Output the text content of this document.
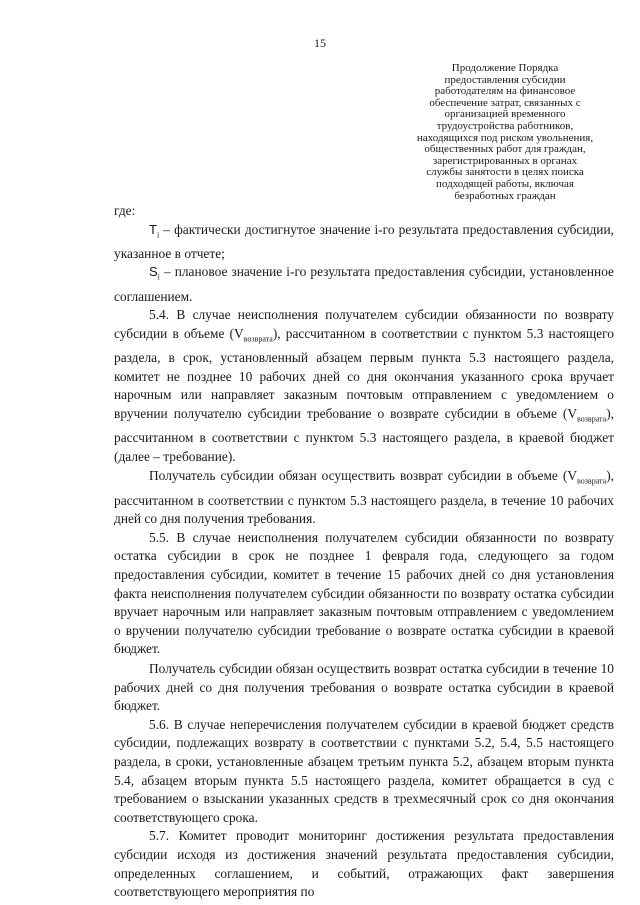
15
Продолжение Порядка
предоставления субсидии
работодателям на финансовое
обеспечение затрат, связанных с
организацией временного
трудоустройства работников,
находящихся под риском увольнения,
общественных работ для граждан,
зарегистрированных в органах
службы занятости в целях поиска
подходящей работы, включая
безработных граждан

где:

$T_i$ – фактически достигнутое значение i-го результата предоставления субсидии, указанное в отчете;

$S_i$ – плановое значение i-го результата предоставления субсидии, установленное соглашением.

5.4. В случае неисполнения получателем субсидии обязанности по возврату субсидии в объеме $(V_{возврата})$, рассчитанном в соответствии с пунктом 5.3 настоящего раздела, в срок, установленный абзацем первым пункта 5.3 настоящего раздела, комитет не позднее 10 рабочих дней со дня окончания указанного срока вручает нарочным или направляет заказным почтовым отправлением с уведомлением о вручении получателю субсидии требование о возврате субсидии в объеме $(V_{возврата})$, рассчитанном в соответствии с пунктом 5.3 настоящего раздела, в краевой бюджет (далее – требование).

Получатель субсидии обязан осуществить возврат субсидии в объеме $(V_{возврата})$, рассчитанном в соответствии с пунктом 5.3 настоящего раздела, в течение 10 рабочих дней со дня получения требования.

5.5. В случае неисполнения получателем субсидии обязанности по возврату остатка субсидии в срок не позднее 1 февраля года, следующего за годом предоставления субсидии, комитет в течение 15 рабочих дней со дня установления факта неисполнения получателем субсидии обязанности по возврату остатка субсидии вручает нарочным или направляет заказным почтовым отправлением с уведомлением о вручении получателю субсидии требование о возврате остатка субсидии в краевой бюджет.

Получатель субсидии обязан осуществить возврат остатка субсидии в течение 10 рабочих дней со дня получения требования о возврате остатка субсидии в краевой бюджет.

5.6. В случае неперечисления получателем субсидии в краевой бюджет средств субсидии, подлежащих возврату в соответствии с пунктами 5.2, 5.4, 5.5 настоящего раздела, в сроки, установленные абзацем третьим пункта 5.2, абзацем вторым пункта 5.4, абзацем вторым пункта 5.5 настоящего раздела, комитет обращается в суд с требованием о взыскании указанных средств в трехмесячный срок со дня окончания соответствующего срока.

5.7. Комитет проводит мониторинг достижения результата предоставления субсидии исходя из достижения значений результата предоставления субсидии, определенных соглашением, и событий, отражающих факт завершения соответствующего мероприятия по
